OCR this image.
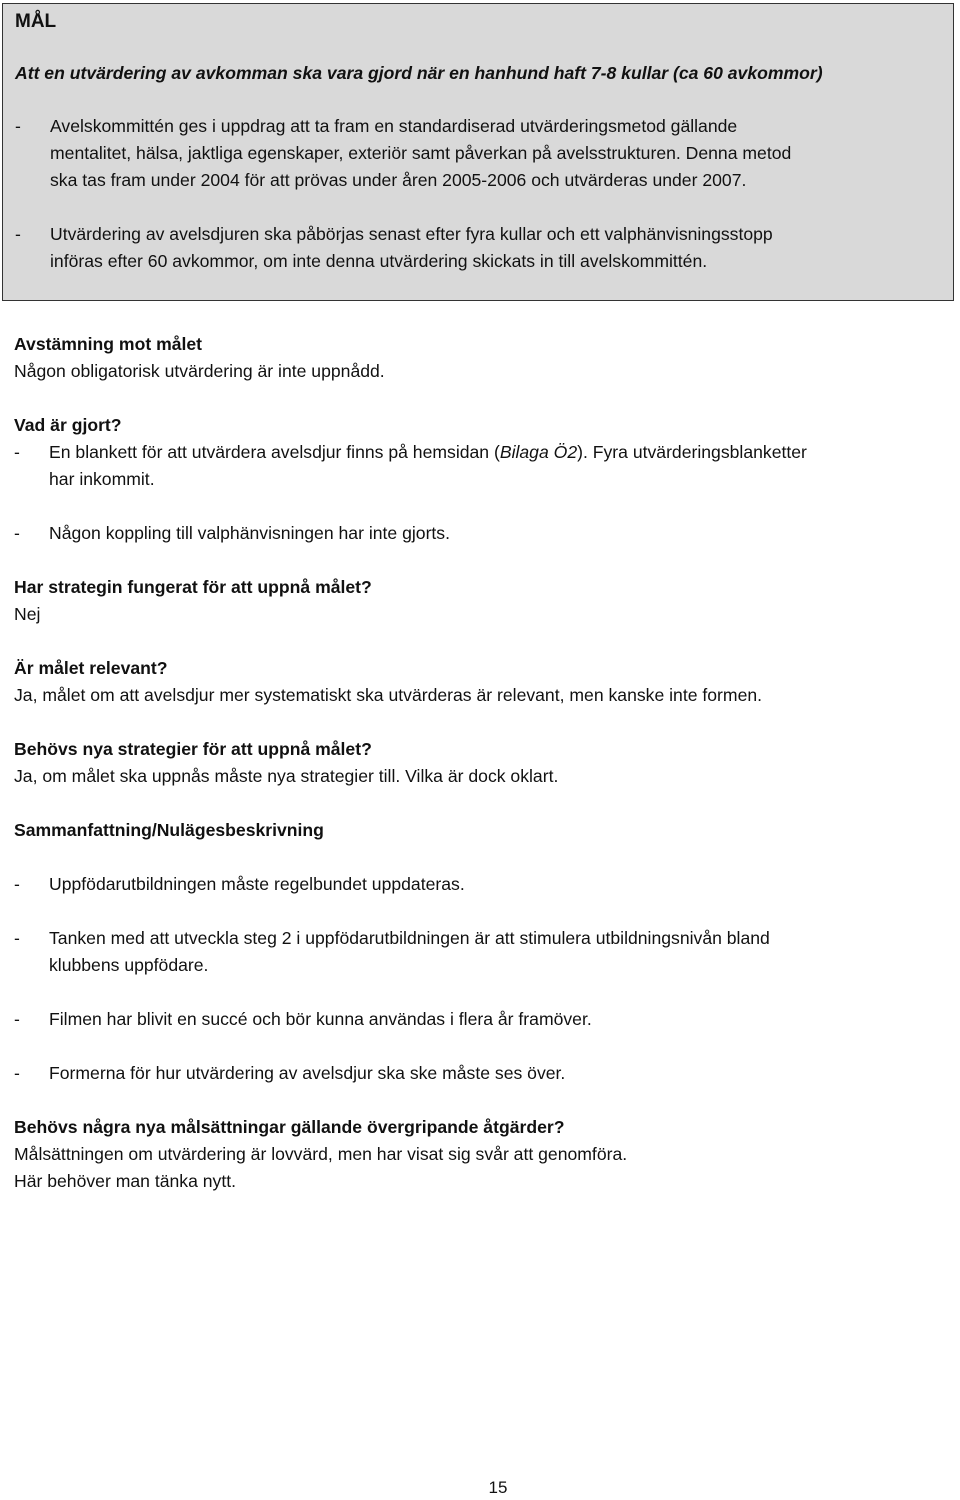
MÅL

Att en utvärdering av avkomman ska vara gjord när en hanhund haft 7-8 kullar (ca 60 avkommor)

- Avelskommittén ges i uppdrag att ta fram en standardiserad utvärderingsmetod gällande
mentalitet, hälsa, jaktliga egenskaper, exteriör samt påverkan på avelsstrukturen. Denna metod
ska tas fram under 2004 för att prövas under åren 2005-2006 och utvärderas under 2007.
- Utvärdering av avelsdjuren ska påbörjas senast efter fyra kullar och ett valphänvisningsstopp
införas efter 60 avkommor, om inte denna utvärdering skickats in till avelskommittén.

Avstämning mot målet

Någon obligatorisk utvärdering är inte uppnådd.

Vad är gjort?

- En blankett för att utvärdera avelsdjur finns på hemsidan (Bilaga Ö2). Fyra utvärderingsblanketter
har inkommit.
- Någon koppling till valphänvisningen har inte gjorts.

Har strategin fungerat för att uppnå målet?

Nej

Är målet relevant?

Ja, målet om att avelsdjur mer systematiskt ska utvärderas är relevant, men kanske inte formen.

Behövs nya strategier för att uppnå målet?

Ja, om målet ska uppnås måste nya strategier till. Vilka är dock oklart.

Sammanfattning/Nulägesbeskrivning

- Uppfödarutbildningen måste regelbundet uppdateras.
- Tanken med att utveckla steg 2 i uppfödarutbildningen är att stimulera utbildningsnivån bland
klubbens uppfödare.
- Filmen har blivit en succé och bör kunna användas i flera år framöver.
- Formerna för hur utvärdering av avelsdjur ska ske måste ses över.

Behövs några nya målsättningar gällande övergripande åtgärder?

Målsättningen om utvärdering är lovvärd, men har visat sig svår att genomföra.

Här behöver man tänka nytt.

15
